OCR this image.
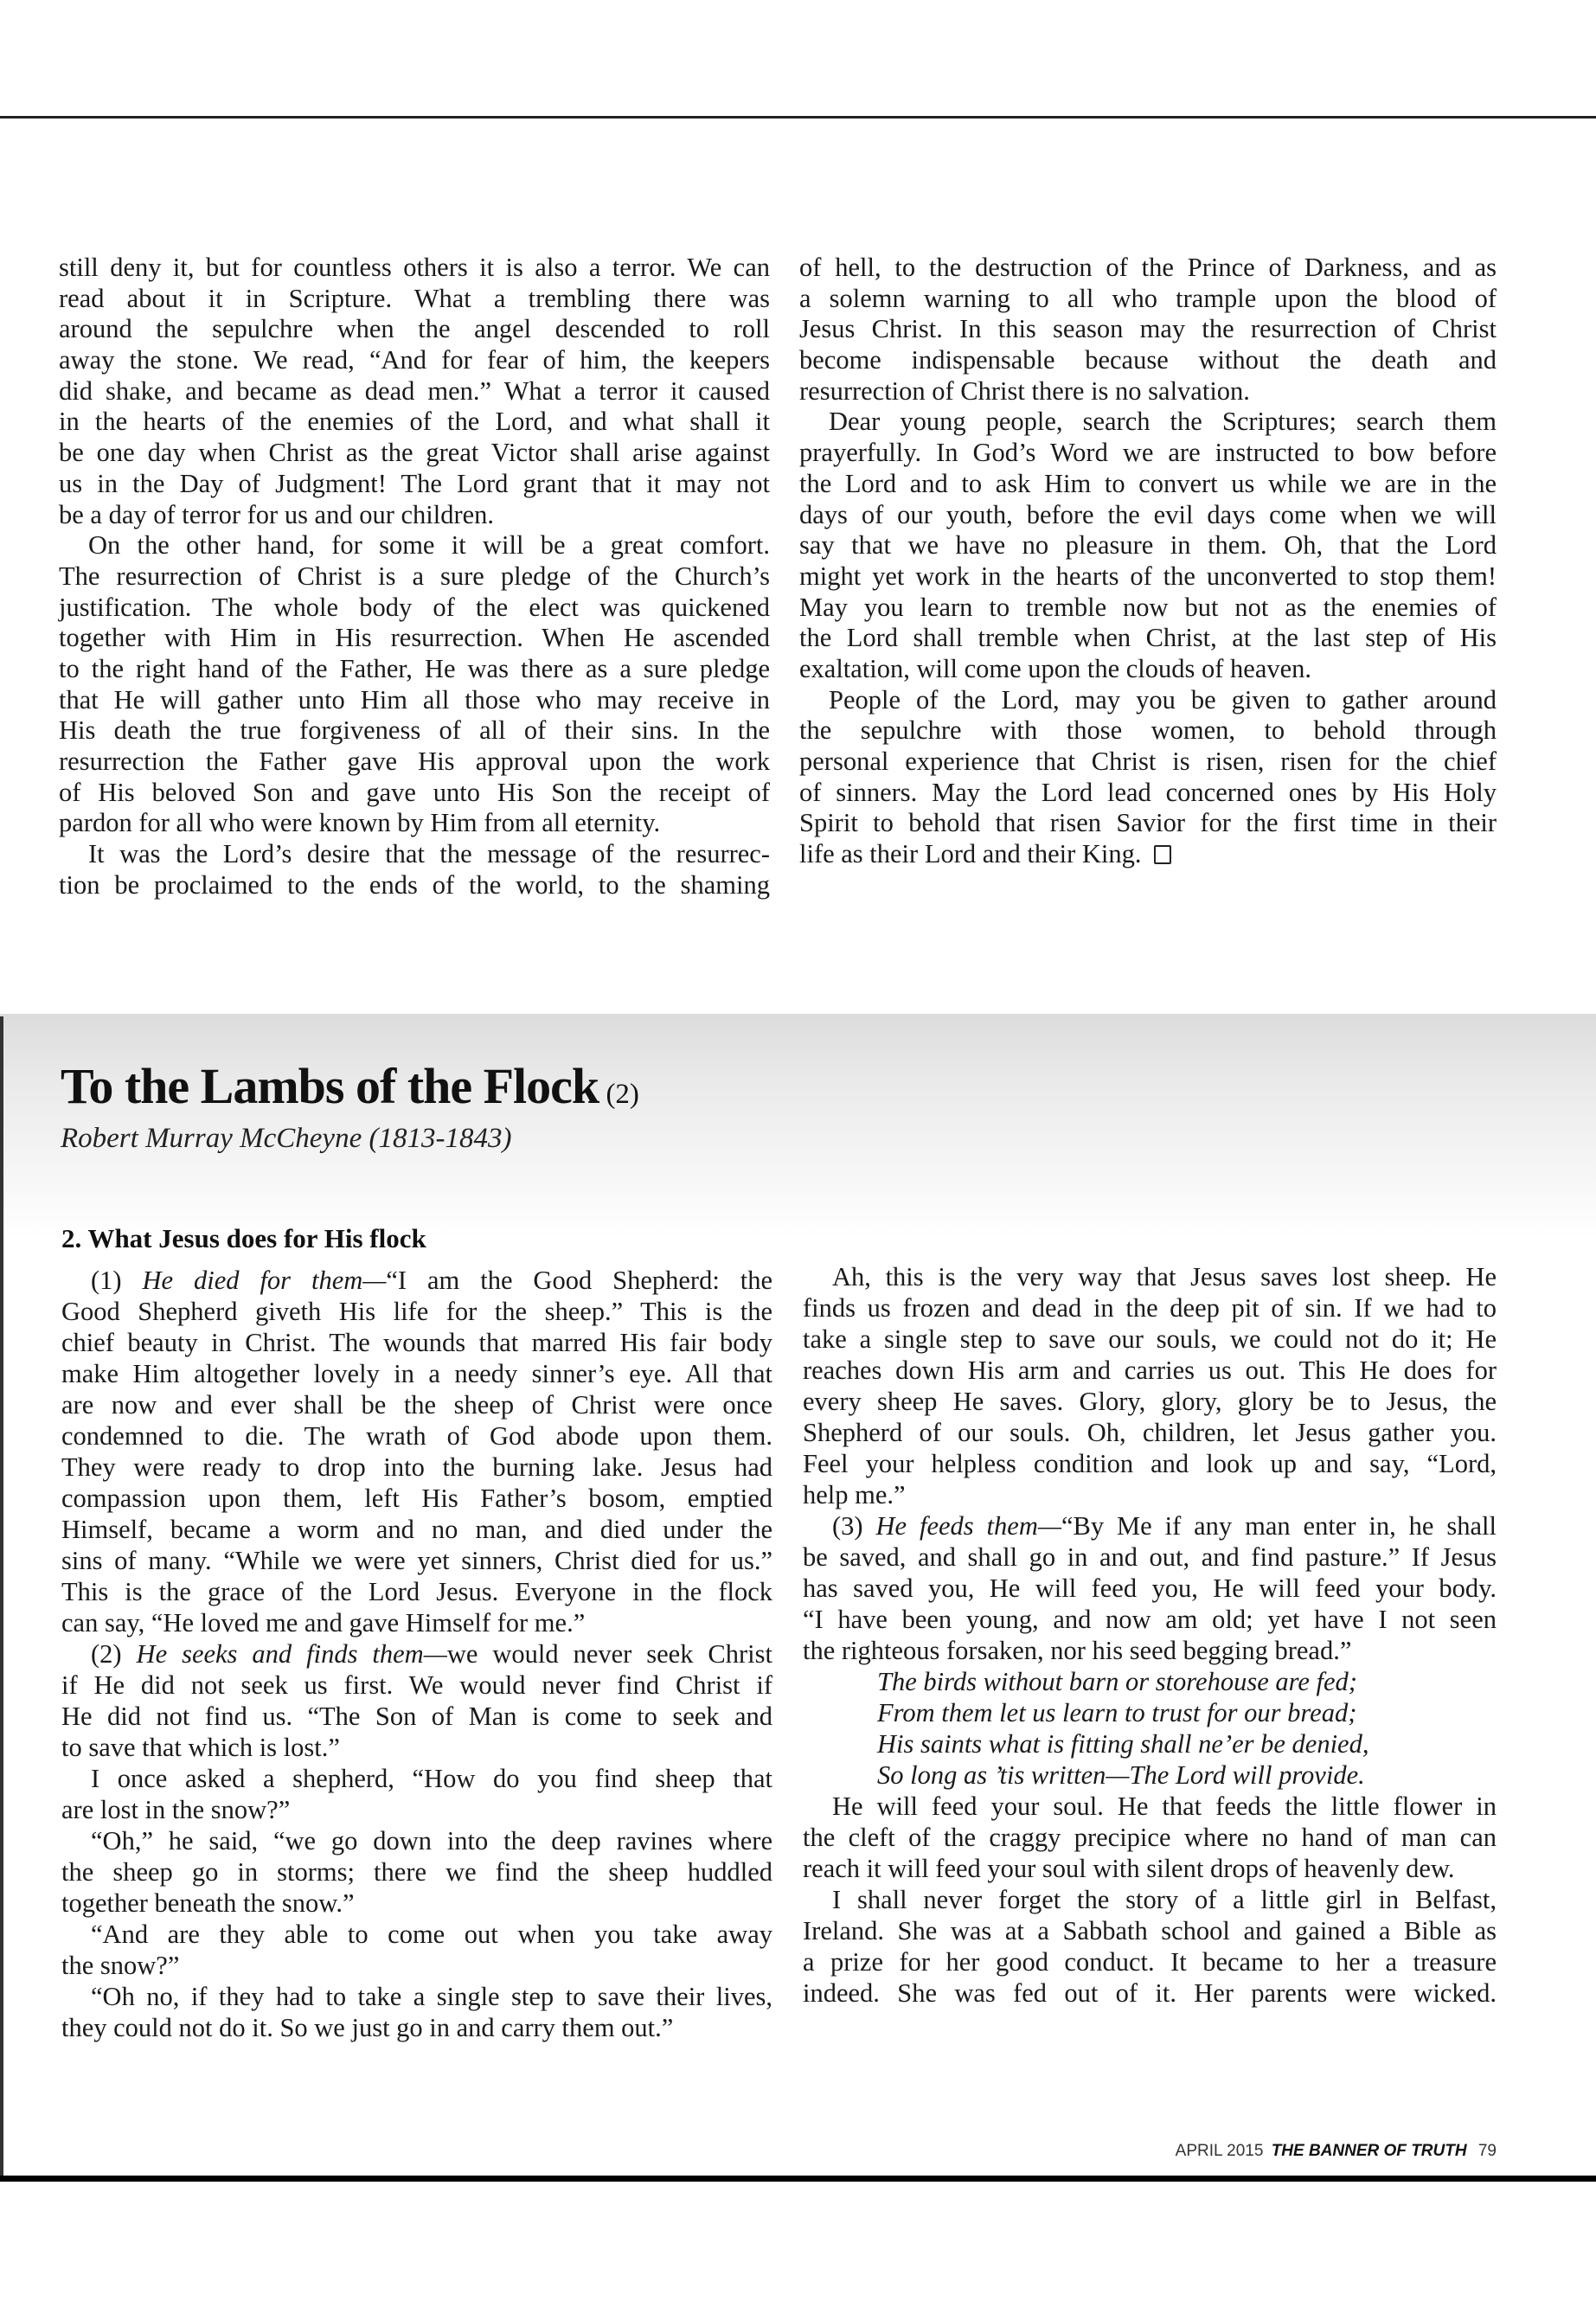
still deny it, but for countless others it is also a terror. We can
read about it in Scripture. What a trembling there was
around the sepulchre when the angel descended to roll
away the stone. We read, “And for fear of him, the keepers
did shake, and became as dead men.” What a terror it caused
in the hearts of the enemies of the Lord, and what shall it
be one day when Christ as the great Victor shall arise against
us in the Day of Judgment! The Lord grant that it may not
be a day of terror for us and our children.
On the other hand, for some it will be a great comfort.
The resurrection of Christ is a sure pledge of the Church’s
justification. The whole body of the elect was quickened
together with Him in His resurrection. When He ascended
to the right hand of the Father, He was there as a sure pledge
that He will gather unto Him all those who may receive in
His death the true forgiveness of all of their sins. In the
resurrection the Father gave His approval upon the work
of His beloved Son and gave unto His Son the receipt of
pardon for all who were known by Him from all eternity.
It was the Lord’s desire that the message of the resurrec-
tion be proclaimed to the ends of the world, to the shaming
of hell, to the destruction of the Prince of Darkness, and as
a solemn warning to all who trample upon the blood of
Jesus Christ. In this season may the resurrection of Christ
become indispensable because without the death and
resurrection of Christ there is no salvation.
Dear young people, search the Scriptures; search them
prayerfully. In God’s Word we are instructed to bow before
the Lord and to ask Him to convert us while we are in the
days of our youth, before the evil days come when we will
say that we have no pleasure in them. Oh, that the Lord
might yet work in the hearts of the unconverted to stop them!
May you learn to tremble now but not as the enemies of
the Lord shall tremble when Christ, at the last step of His
exaltation, will come upon the clouds of heaven.
People of the Lord, may you be given to gather around
the sepulchre with those women, to behold through
personal experience that Christ is risen, risen for the chief
of sinners. May the Lord lead concerned ones by His Holy
Spirit to behold that risen Savior for the first time in their
life as their Lord and their King.
To the Lambs of the Flock (2)
Robert Murray McCheyne (1813-1843)
2. What Jesus does for His flock
(1) He died for them—“I am the Good Shepherd: the
Good Shepherd giveth His life for the sheep.” This is the
chief beauty in Christ. The wounds that marred His fair body
make Him altogether lovely in a needy sinner’s eye. All that
are now and ever shall be the sheep of Christ were once
condemned to die. The wrath of God abode upon them.
They were ready to drop into the burning lake. Jesus had
compassion upon them, left His Father’s bosom, emptied
Himself, became a worm and no man, and died under the
sins of many. “While we were yet sinners, Christ died for us.”
This is the grace of the Lord Jesus. Everyone in the flock
can say, “He loved me and gave Himself for me.”
(2) He seeks and finds them—we would never seek Christ
if He did not seek us first. We would never find Christ if
He did not find us. “The Son of Man is come to seek and
to save that which is lost.”
I once asked a shepherd, “How do you find sheep that
are lost in the snow?”
“Oh,” he said, “we go down into the deep ravines where
the sheep go in storms; there we find the sheep huddled
together beneath the snow.”
“And are they able to come out when you take away
the snow?”
“Oh no, if they had to take a single step to save their lives,
they could not do it. So we just go in and carry them out.”
Ah, this is the very way that Jesus saves lost sheep. He
finds us frozen and dead in the deep pit of sin. If we had to
take a single step to save our souls, we could not do it; He
reaches down His arm and carries us out. This He does for
every sheep He saves. Glory, glory, glory be to Jesus, the
Shepherd of our souls. Oh, children, let Jesus gather you.
Feel your helpless condition and look up and say, “Lord,
help me.”
(3) He feeds them—“By Me if any man enter in, he shall
be saved, and shall go in and out, and find pasture.” If Jesus
has saved you, He will feed you, He will feed your body.
“I have been young, and now am old; yet have I not seen
the righteous forsaken, nor his seed begging bread.”
The birds without barn or storehouse are fed;
From them let us learn to trust for our bread;
His saints what is fitting shall ne’er be denied,
So long as ’tis written—The Lord will provide.
He will feed your soul. He that feeds the little flower in
the cleft of the craggy precipice where no hand of man can
reach it will feed your soul with silent drops of heavenly dew.
I shall never forget the story of a little girl in Belfast,
Ireland. She was at a Sabbath school and gained a Bible as
a prize for her good conduct. It became to her a treasure
indeed. She was fed out of it. Her parents were wicked.
APRIL 2015 THE BANNER OF TRUTH 79
